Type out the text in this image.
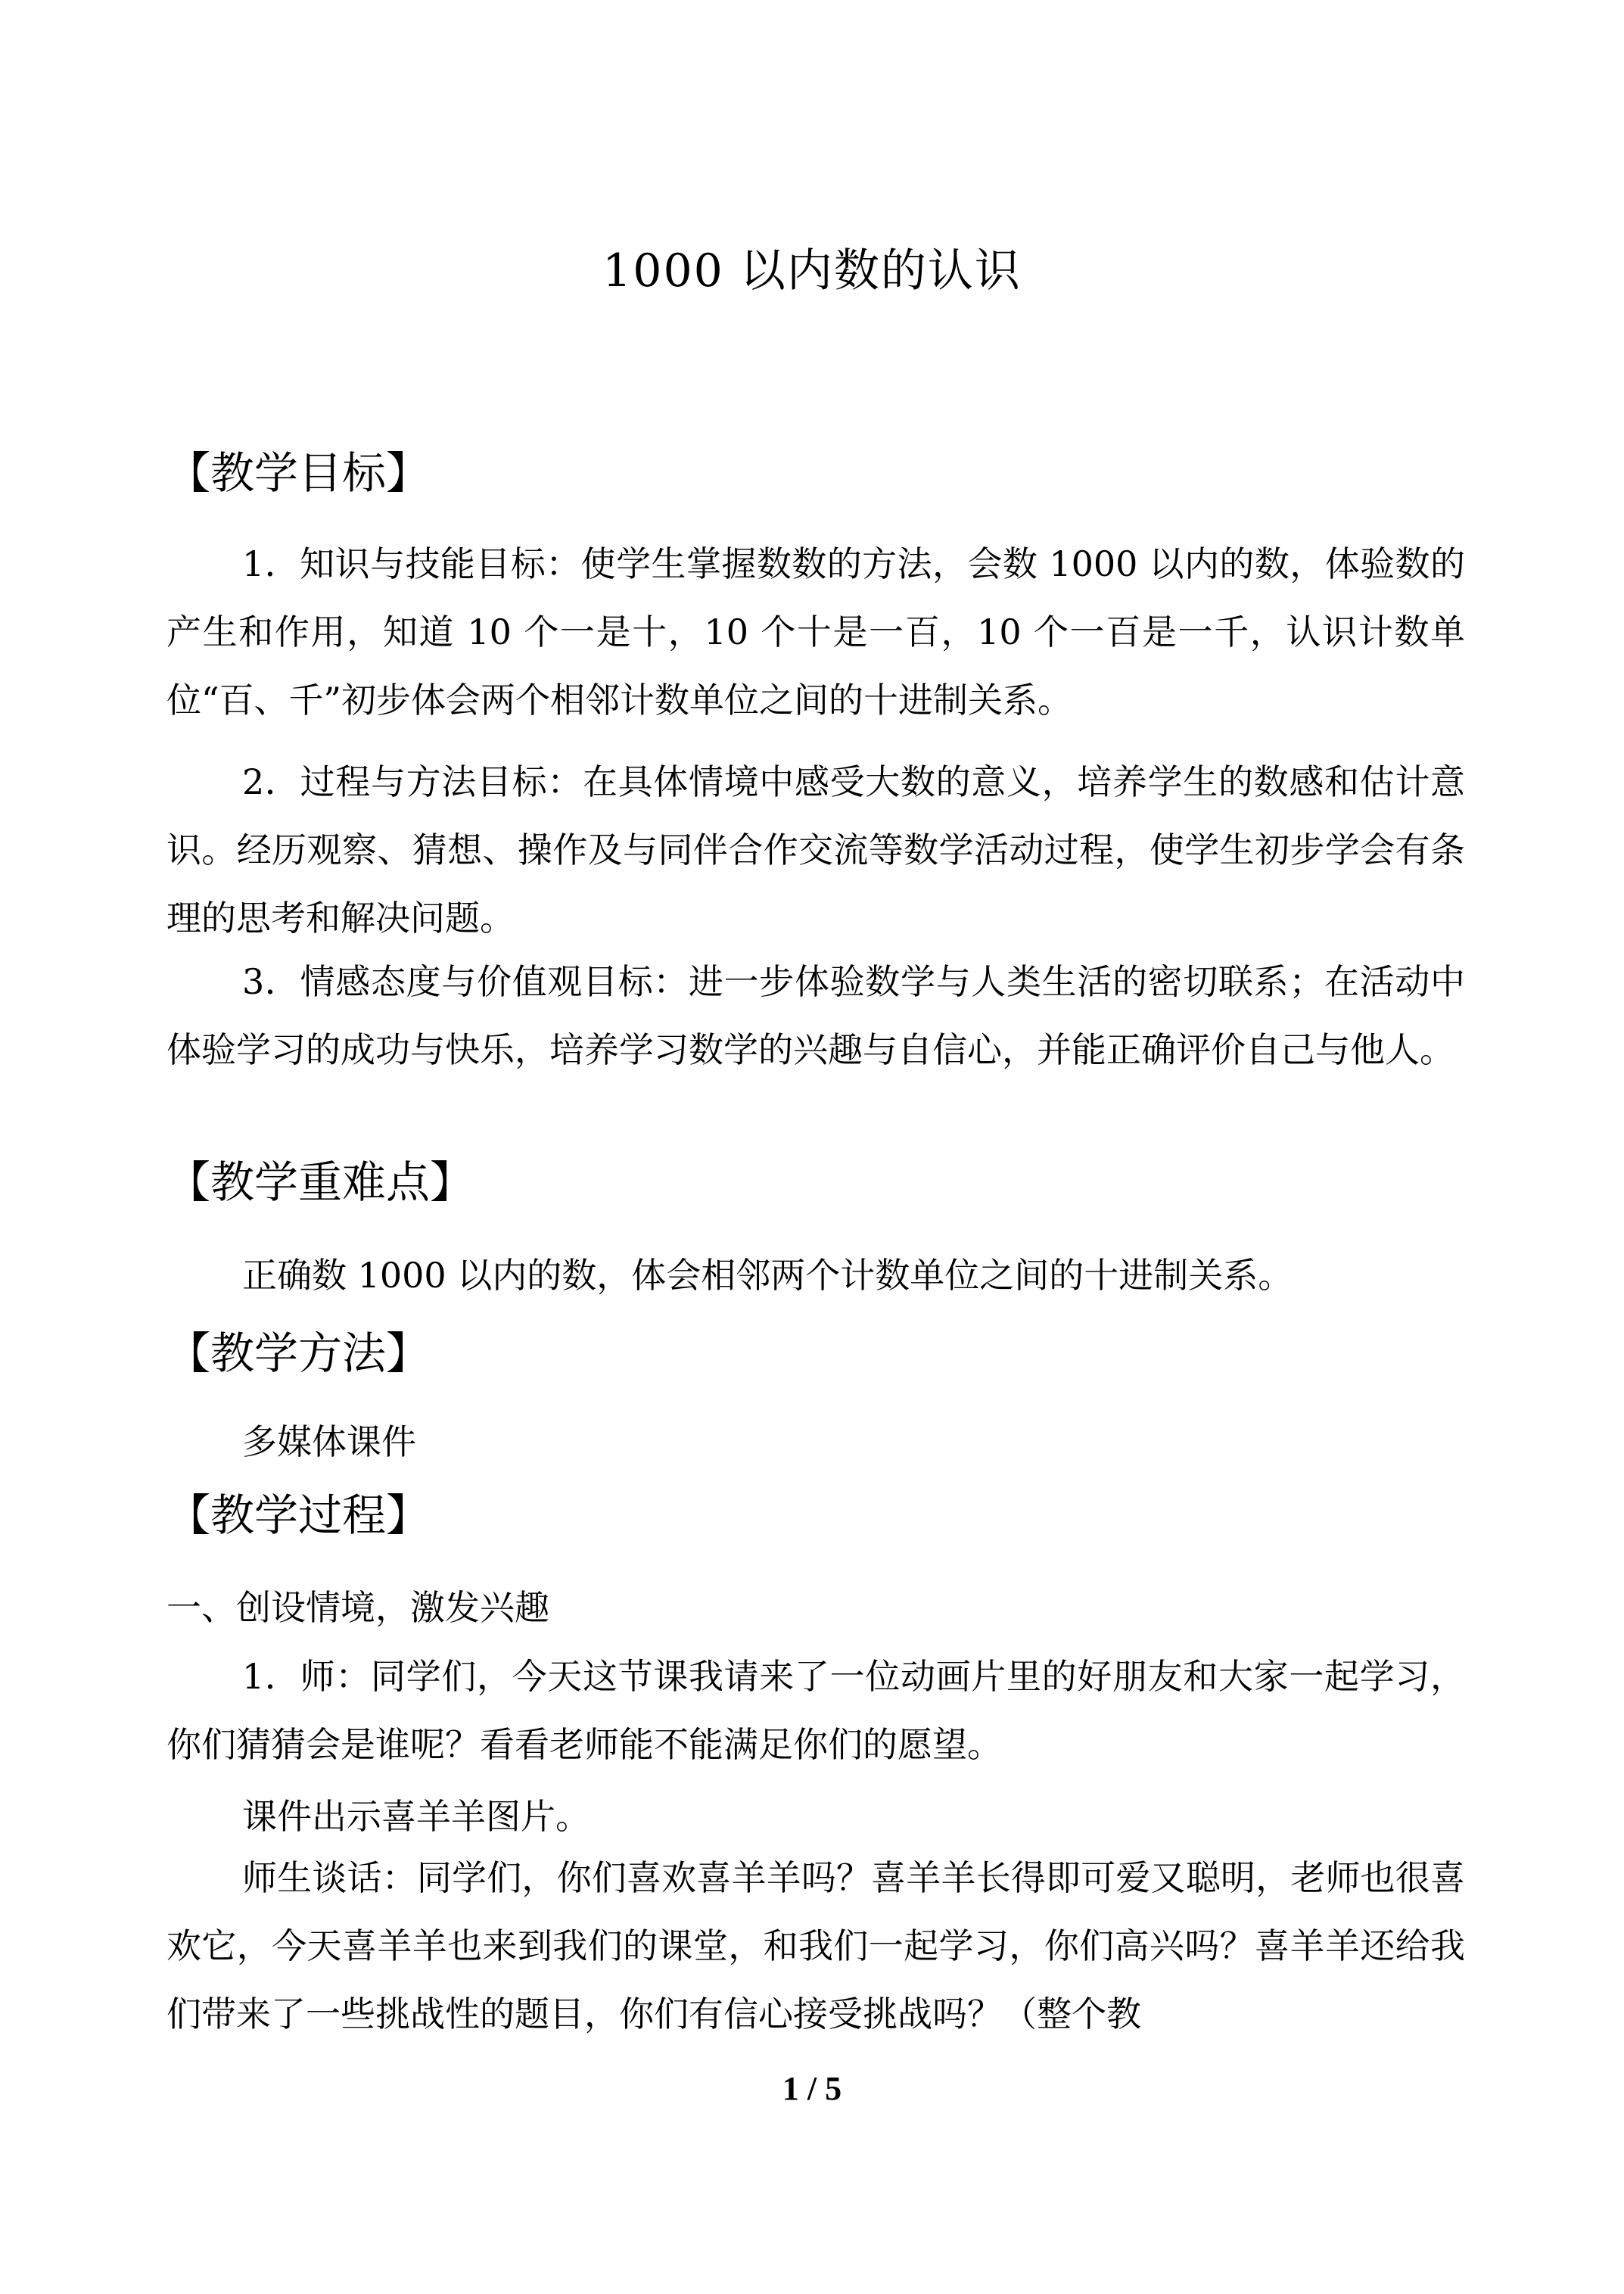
1000 以内数的认识
【教学目标】
1．知识与技能目标：使学生掌握数数的方法，会数 1000 以内的数，体验数的产生和作用，知道 10 个一是十，10 个十是一百，10 个一百是一千，认识计数单位“百、千”初步体会两个相邻计数单位之间的十进制关系。
2．过程与方法目标：在具体情境中感受大数的意义，培养学生的数感和估计意识。经历观察、猜想、操作及与同伴合作交流等数学活动过程，使学生初步学会有条理的思考和解决问题。
3．情感态度与价值观目标：进一步体验数学与人类生活的密切联系；在活动中体验学习的成功与快乐，培养学习数学的兴趣与自信心，并能正确评价自己与他人。
【教学重难点】
正确数 1000 以内的数，体会相邻两个计数单位之间的十进制关系。
【教学方法】
多媒体课件
【教学过程】
一、创设情境，激发兴趣
1．师：同学们，今天这节课我请来了一位动画片里的好朋友和大家一起学习，你们猜猜会是谁呢？看看老师能不能满足你们的愿望。
课件出示喜羊羊图片。
师生谈话：同学们，你们喜欢喜羊羊吗？喜羊羊长得即可爱又聪明，老师也很喜欢它，今天喜羊羊也来到我们的课堂，和我们一起学习，你们高兴吗？喜羊羊还给我们带来了一些挑战性的题目，你们有信心接受挑战吗？（整个教
1 / 5
